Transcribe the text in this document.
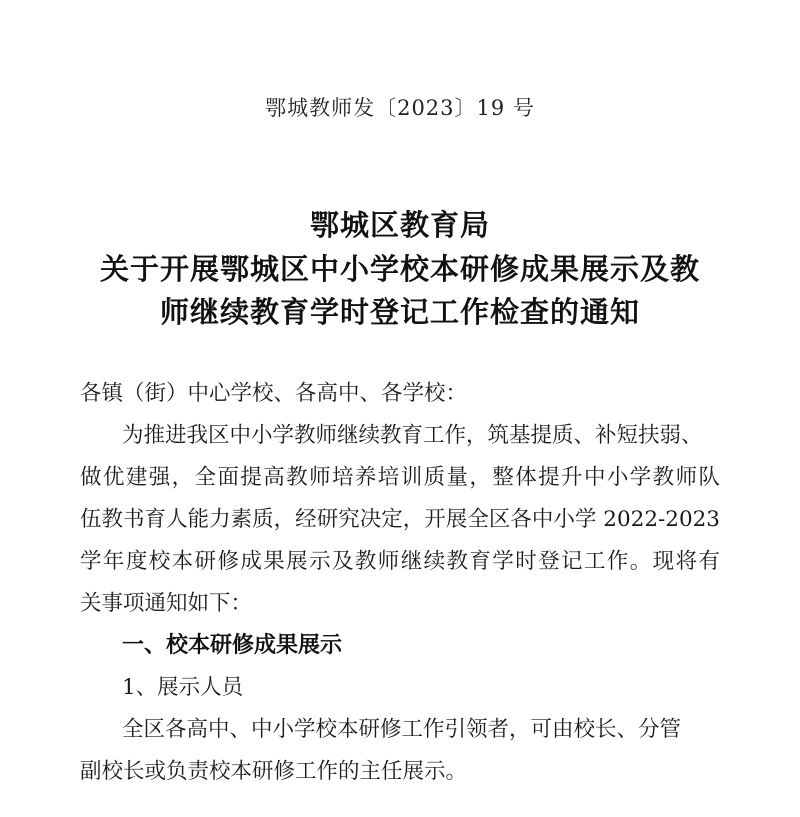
鄂城教师发〔2023〕19 号
鄂城区教育局
关于开展鄂城区中小学校本研修成果展示及教
师继续教育学时登记工作检查的通知
各镇（街）中心学校、各高中、各学校：
为推进我区中小学教师继续教育工作，筑基提质、补短扶弱、
做优建强，全面提高教师培养培训质量，整体提升中小学教师队
伍教书育人能力素质，经研究决定，开展全区各中小学 2022-2023
学年度校本研修成果展示及教师继续教育学时登记工作。现将有
关事项通知如下：
一、校本研修成果展示
1、展示人员
全区各高中、中小学校本研修工作引领者，可由校长、分管
副校长或负责校本研修工作的主任展示。
